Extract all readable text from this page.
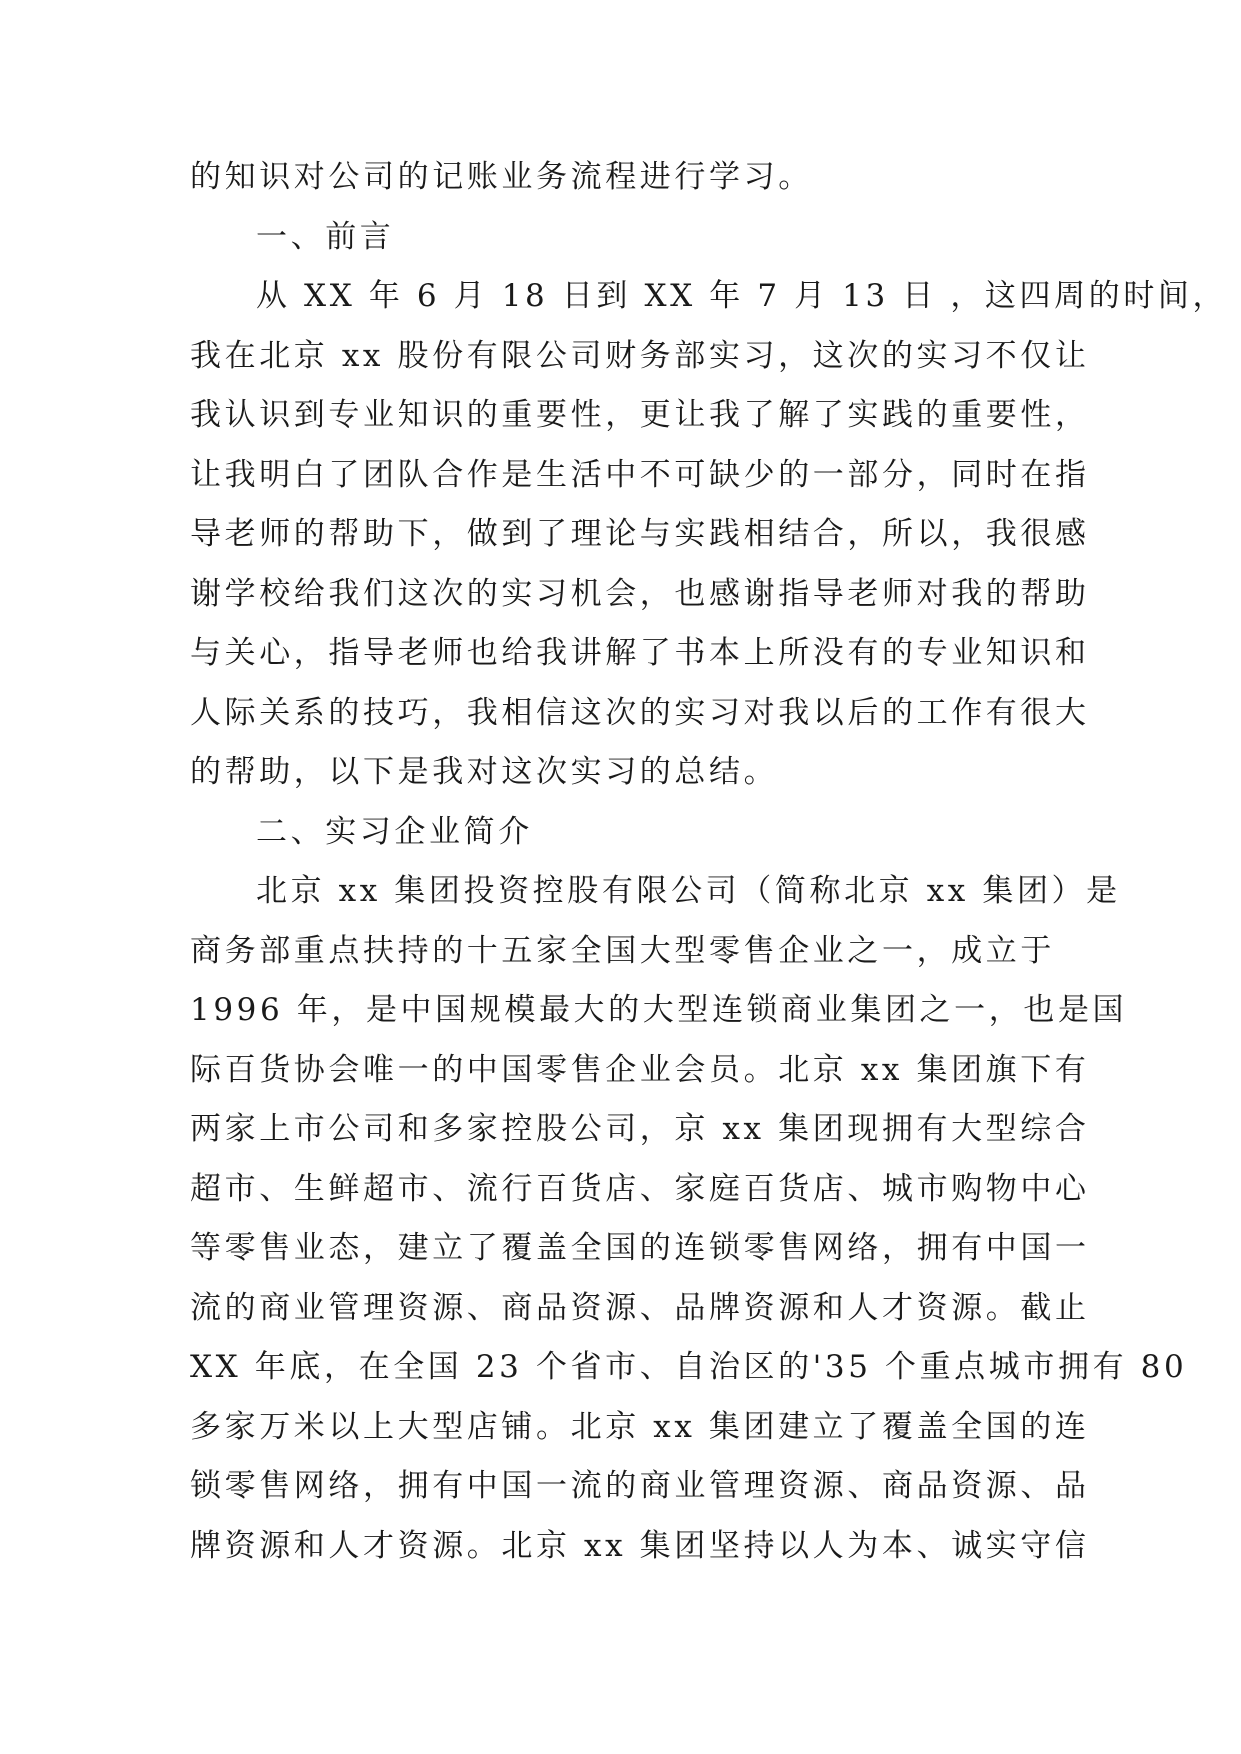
的知识对公司的记账业务流程进行学习。
一、前言
从 XX 年 6 月 18 日到 XX 年 7 月 13 日 ，这四周的时间，
我在北京 xx 股份有限公司财务部实习，这次的实习不仅让
我认识到专业知识的重要性，更让我了解了实践的重要性，
让我明白了团队合作是生活中不可缺少的一部分，同时在指
导老师的帮助下，做到了理论与实践相结合，所以，我很感
谢学校给我们这次的实习机会，也感谢指导老师对我的帮助
与关心，指导老师也给我讲解了书本上所没有的专业知识和
人际关系的技巧，我相信这次的实习对我以后的工作有很大
的帮助，以下是我对这次实习的总结。
二、实习企业简介
北京 xx 集团投资控股有限公司（简称北京 xx 集团）是
商务部重点扶持的十五家全国大型零售企业之一，成立于
1996 年，是中国规模最大的大型连锁商业集团之一，也是国
际百货协会唯一的中国零售企业会员。北京 xx 集团旗下有
两家上市公司和多家控股公司，京 xx 集团现拥有大型综合
超市、生鲜超市、流行百货店、家庭百货店、城市购物中心
等零售业态，建立了覆盖全国的连锁零售网络，拥有中国一
流的商业管理资源、商品资源、品牌资源和人才资源。截止
XX 年底，在全国 23 个省市、自治区的'35 个重点城市拥有 80
多家万米以上大型店铺。北京 xx 集团建立了覆盖全国的连
锁零售网络，拥有中国一流的商业管理资源、商品资源、品
牌资源和人才资源。北京 xx 集团坚持以人为本、诚实守信
